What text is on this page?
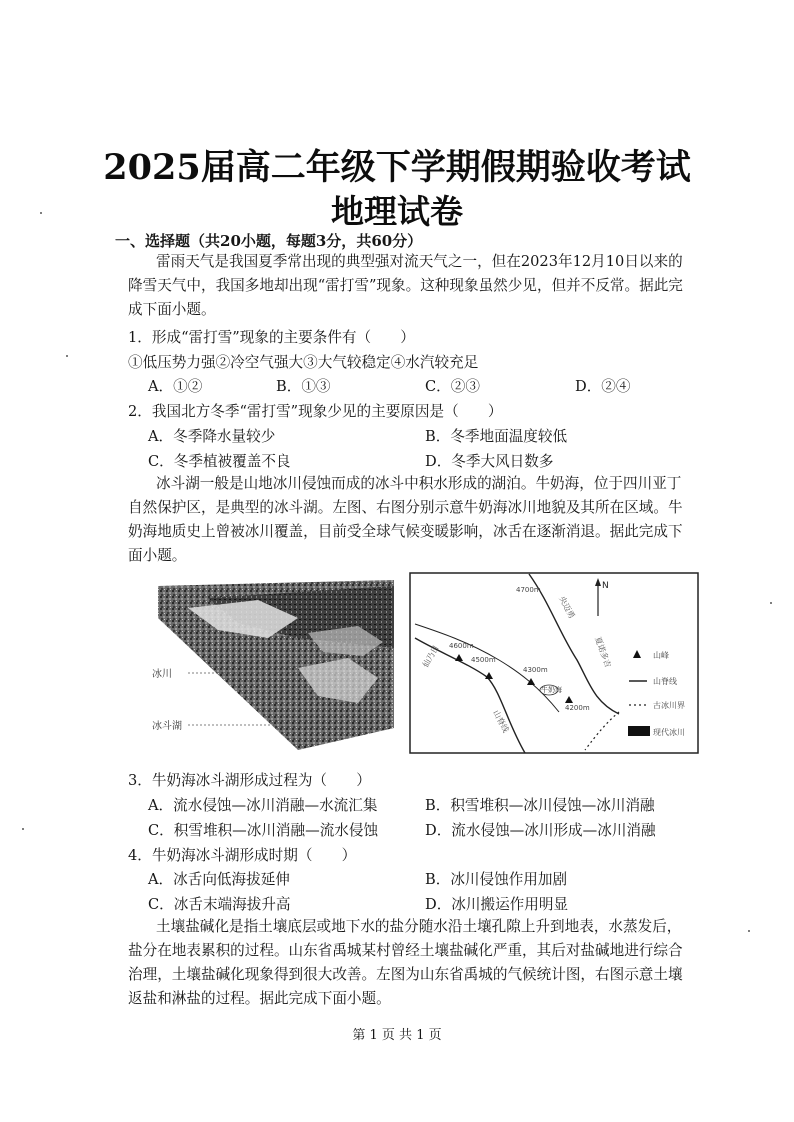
2025届高二年级下学期假期验收考试
地理试卷
一、选择题（共20小题，每题3分，共60分）
雷雨天气是我国夏季常出现的典型强对流天气之一，但在2023年12月10日以来的
降雪天气中，我国多地却出现“雷打雪”现象。这种现象虽然少见，但并不反常。据此完
成下面小题。
1．形成“雷打雪”现象的主要条件有（　　）
①低压势力强②冷空气强大③大气较稳定④水汽较充足
A．①②	B．①③	C．②③	D．②④
2．我国北方冬季“雷打雪”现象少见的主要原因是（　　）
A．冬季降水量较少	B．冬季地面温度较低
C．冬季植被覆盖不良	D．冬季大风日数多
冰斗湖一般是山地冰川侵蚀而成的冰斗中积水形成的湖泊。牛奶海，位于四川亚丁
自然保护区，是典型的冰斗湖。左图、右图分别示意牛奶海冰川地貌及其所在区域。牛
奶海地质史上曾被冰川覆盖，目前受全球气候变暖影响，冰舌在逐渐消退。据此完成下
面小题。
冰川
冰斗湖
N
4700m
4600m
4500m
4300m
4200m
牛奶海
央迈勇
仙乃日	夏诺多吉
山脊线
山峰
山脊线
古冰川界
现代冰川
3．牛奶海冰斗湖形成过程为（　　）
A．流水侵蚀—冰川消融—水流汇集	B．积雪堆积—冰川侵蚀—冰川消融
C．积雪堆积—冰川消融—流水侵蚀	D．流水侵蚀—冰川形成—冰川消融
4．牛奶海冰斗湖形成时期（　　）
A．冰舌向低海拔延伸	B．冰川侵蚀作用加剧
C．冰舌末端海拔升高	D．冰川搬运作用明显
土壤盐碱化是指土壤底层或地下水的盐分随水沿土壤孔隙上升到地表，水蒸发后，
盐分在地表累积的过程。山东省禹城某村曾经土壤盐碱化严重，其后对盐碱地进行综合
治理，土壤盐碱化现象得到很大改善。左图为山东省禹城的气候统计图，右图示意土壤
返盐和淋盐的过程。据此完成下面小题。
第 1 页 共 1 页
